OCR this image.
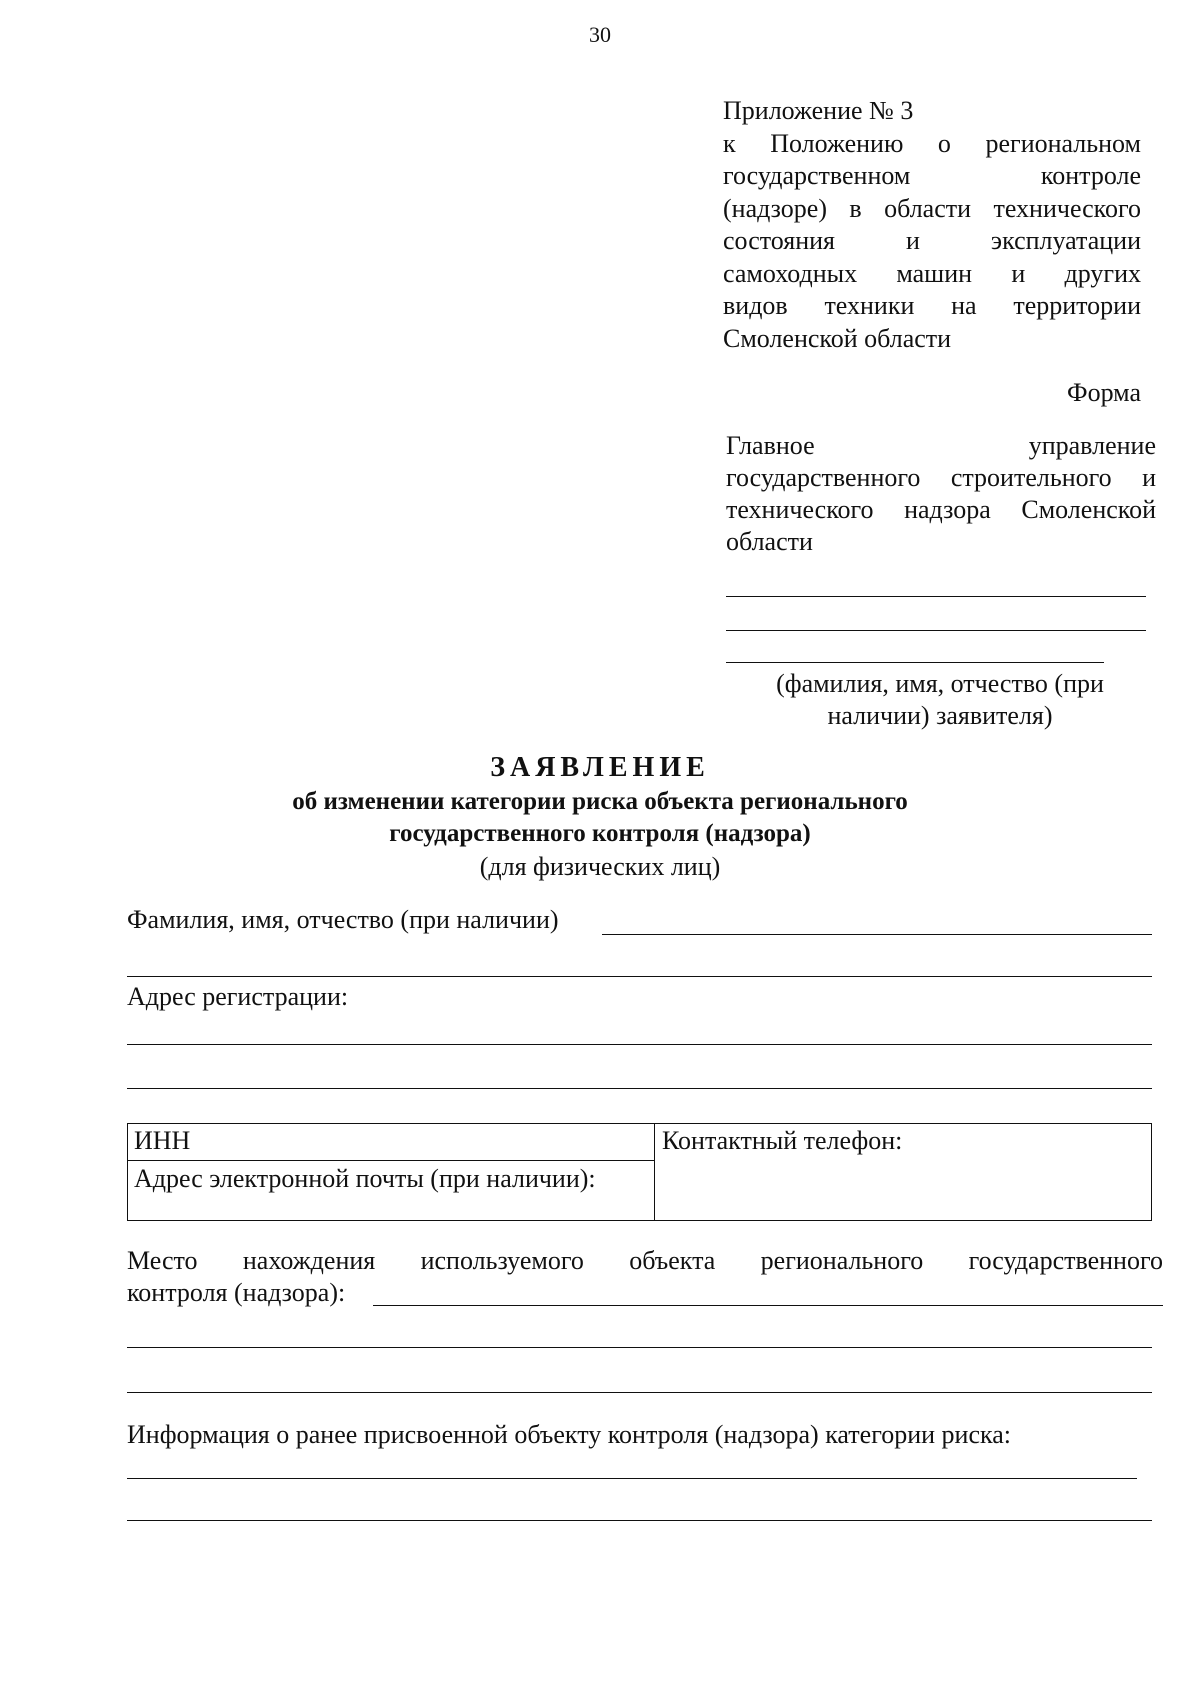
30
Приложение № 3
к Положению о региональном
государственном контроле
(надзоре) в области технического
состояния и эксплуатации
самоходных машин и других
видов техники на территории
Смоленской области
Форма
Главное управление
государственного строительного и
технического надзора Смоленской
области
(фамилия, имя, отчество (при
наличии) заявителя)
ЗАЯВЛЕНИЕ
об изменении категории риска объекта регионального
государственного контроля (надзора)
(для физических лиц)
Фамилия, имя, отчество (при наличии)
Адрес регистрации:
ИНН
Адрес электронной почты (при наличии):
Контактный телефон:
Место нахождения используемого объекта регионального государственного
контроля (надзора):
Информация о ранее присвоенной объекту контроля (надзора) категории риска:
